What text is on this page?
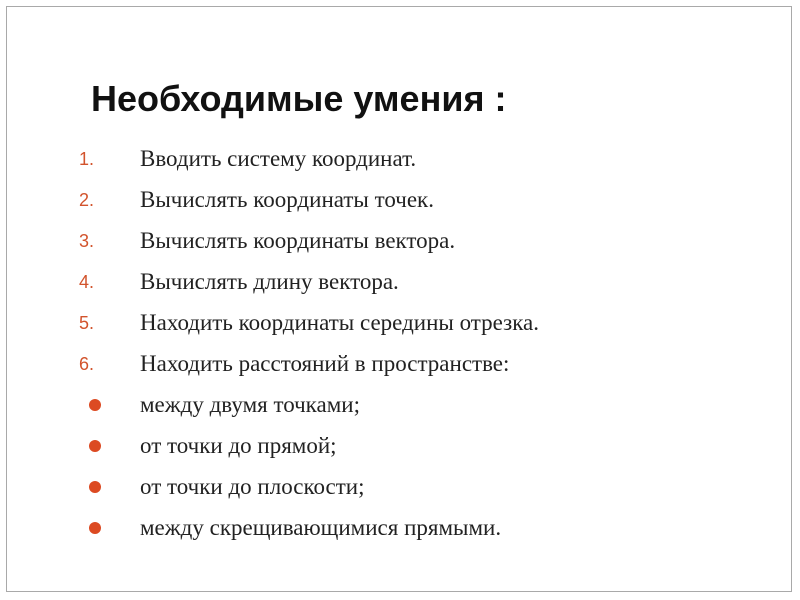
Необходимые умения :
1.	Вводить систему координат.
2.	Вычислять координаты точек.
3.	Вычислять координаты вектора.
4.	Вычислять длину вектора.
5.	Находить координаты середины отрезка.
6.	Находить расстояний в пространстве:
между двумя точками;
от точки до прямой;
от точки до плоскости;
между скрещивающимися прямыми.
